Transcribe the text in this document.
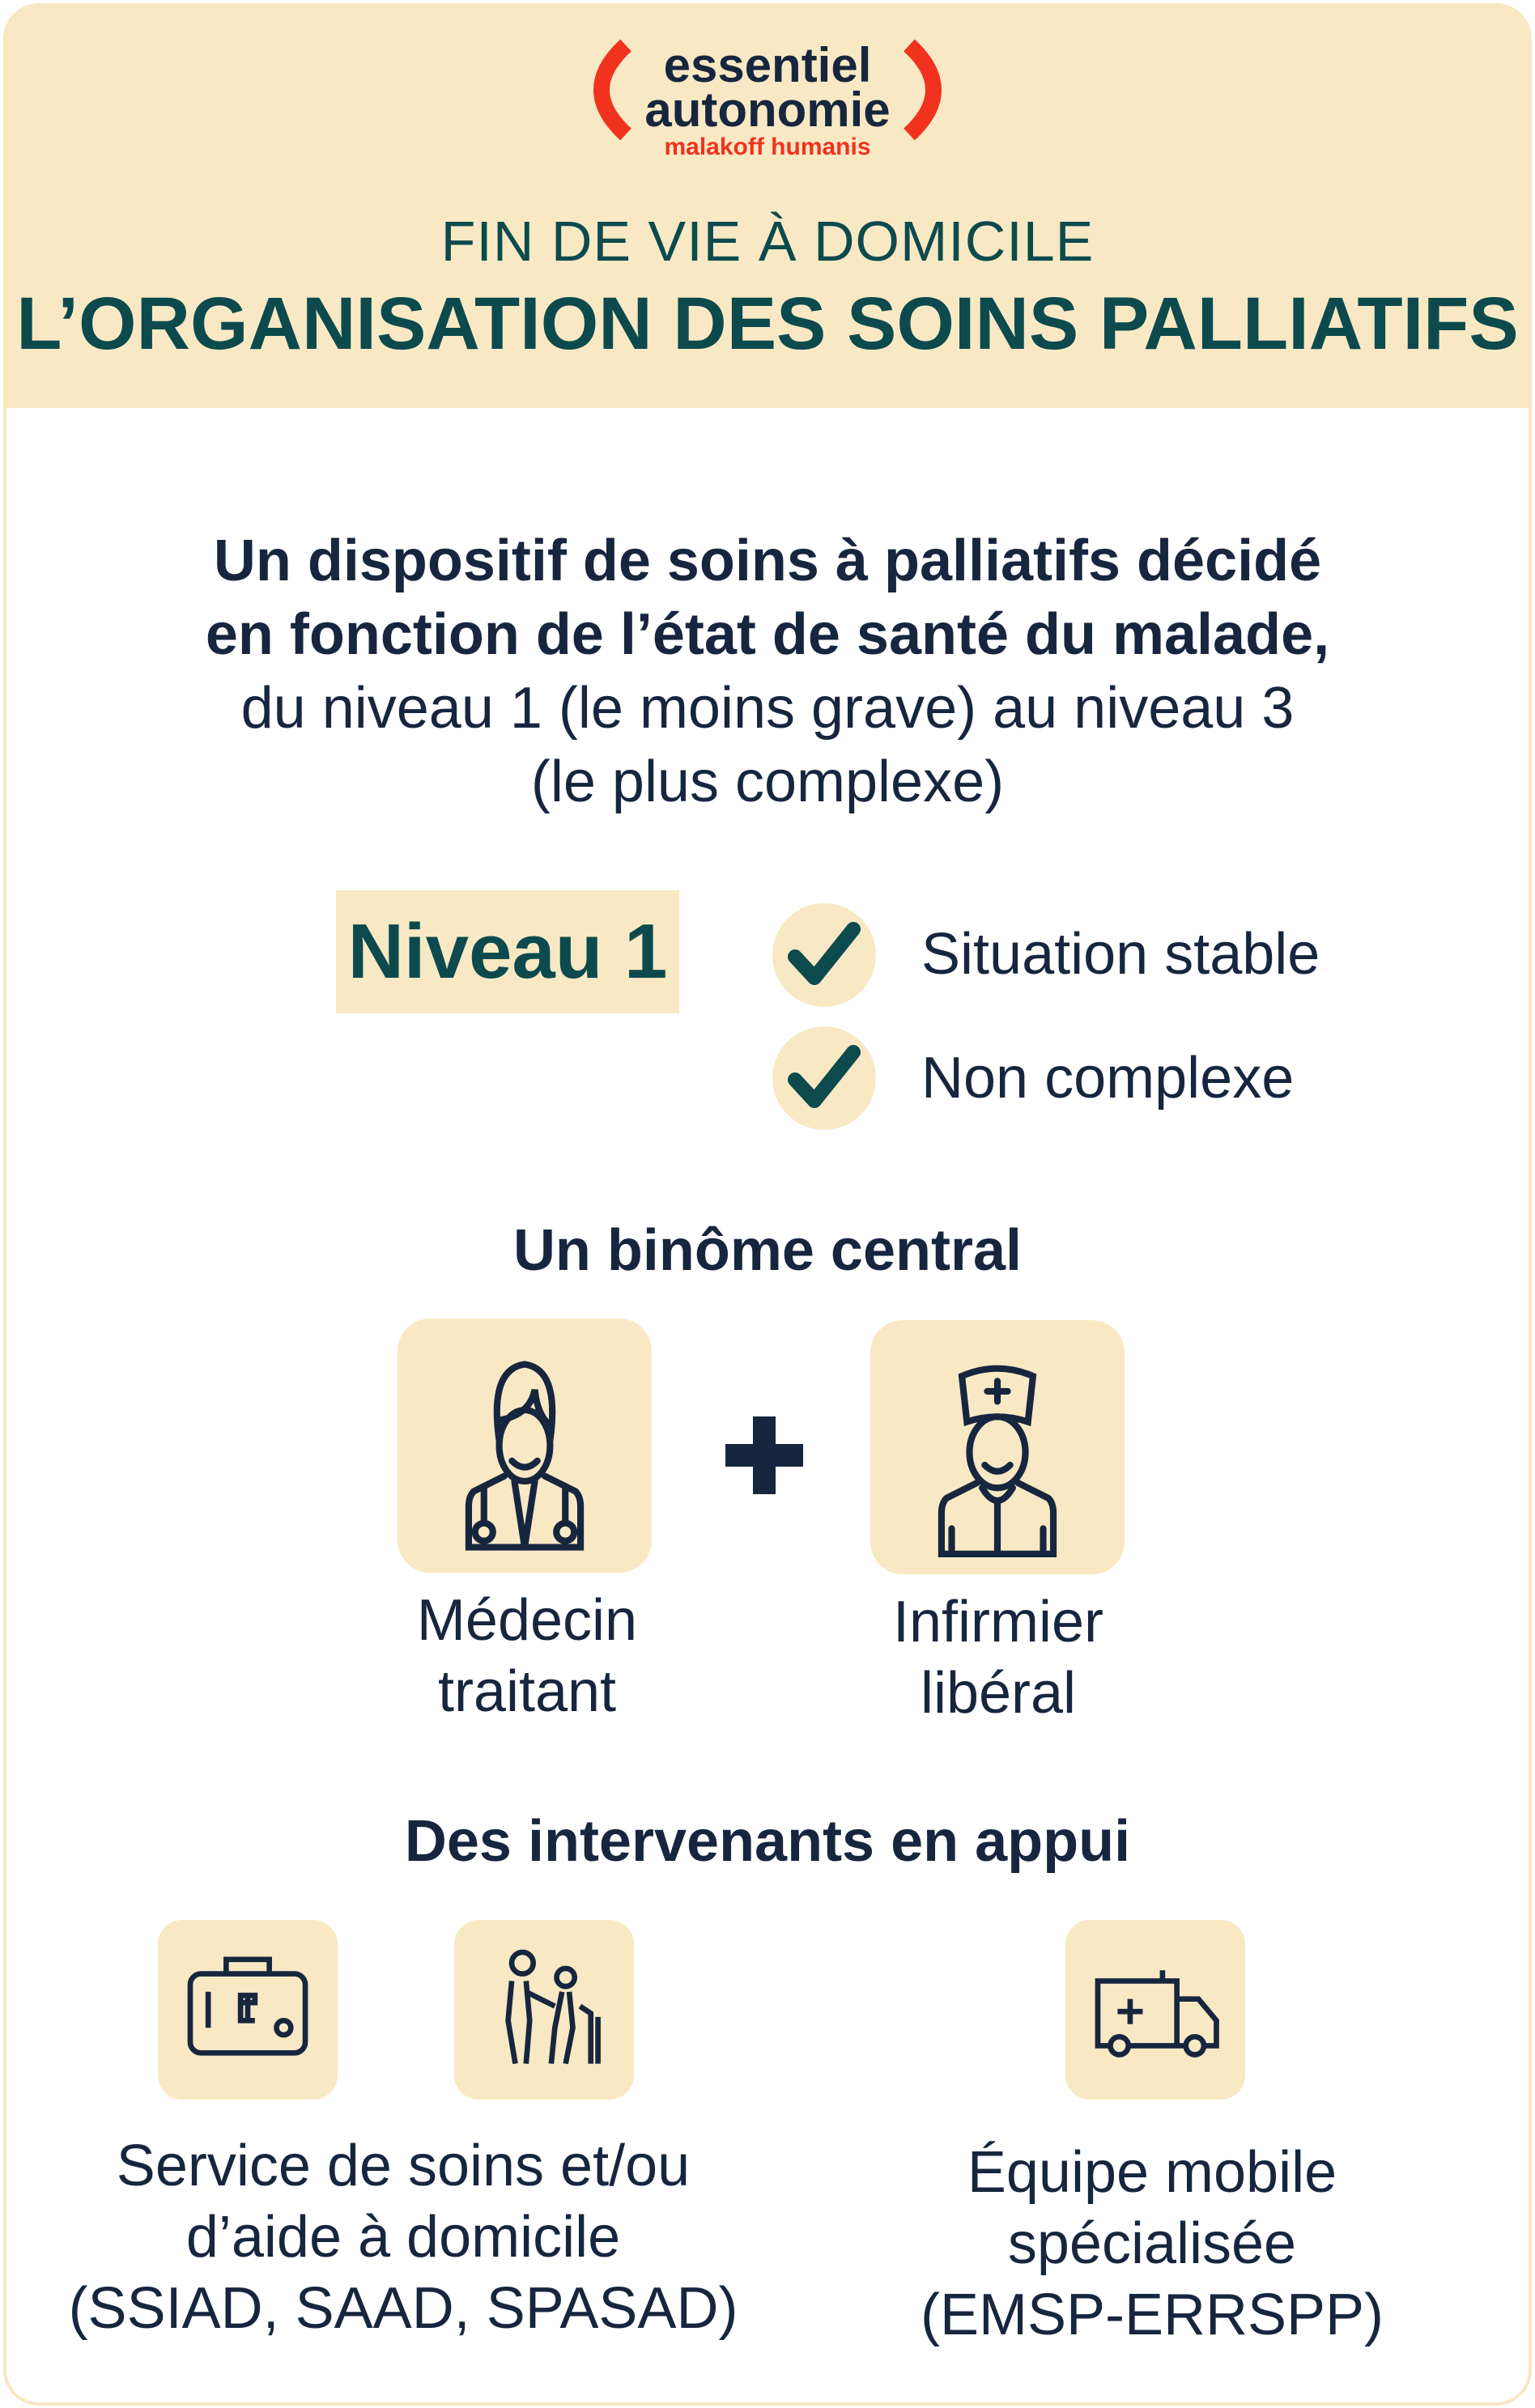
essentiel
autonomie
malakoff humanis
FIN DE VIE À DOMICILE
L’ORGANISATION DES SOINS PALLIATIFS
Un dispositif de soins à palliatifs décidé
en fonction de l’état de santé du malade,
du niveau 1 (le moins grave) au niveau 3
(le plus complexe)
Niveau 1	Situation stable
Non complexe
Un binôme central
Médecin
traitant
Infirmier
libéral
Des intervenants en appui
Service de soins et/ou
d’aide à domicile
(SSIAD, SAAD, SPASAD)
Équipe mobile
spécialisée
(EMSP-ERRSPP)
